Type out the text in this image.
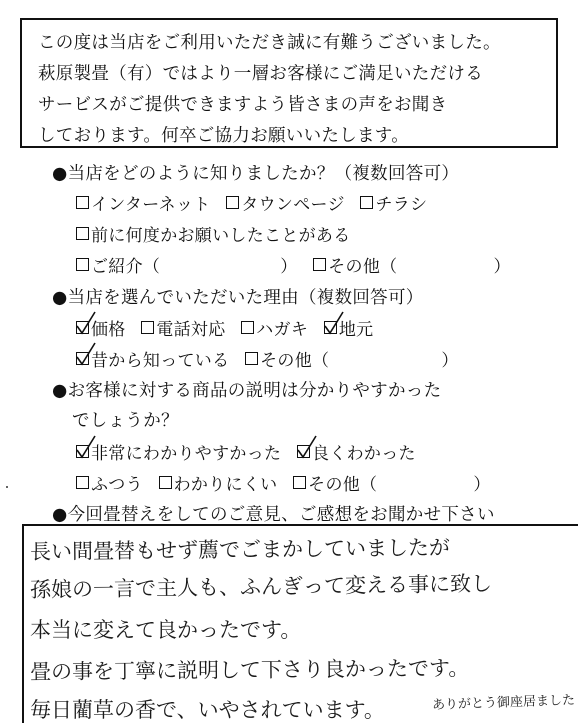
この度は当店をご利用いただき誠に有難うございました。
萩原製畳（有）ではより一層お客様にご満足いただける
サービスがご提供できますよう皆さまの声をお聞き
しております。何卒ご協力お願いいたします。
●当店をどのように知りましたか？（複数回答可）
インターネット
タウンページ
チラシ
前に何度かお願いしたことがある
ご紹介（	）
その他（	）
●当店を選んでいただいた理由（複数回答可）
価格
電話対応
ハガキ
地元
昔から知っている
その他（	）
●お客様に対する商品の説明は分かりやすかった
でしょうか？
非常にわかりやすかった
良くわかった
ふつう
わかりにくい
その他（	）
●今回畳替えをしてのご意見、ご感想をお聞かせ下さい
長い間畳替もせず薦でごまかしていましたが
孫娘の一言で主人も、ふんぎって変える事に致し
本当に変えて良かったです。
畳の事を丁寧に説明して下さり良かったです。
毎日藺草の香で、いやされています。	ありがとう御座居ました
